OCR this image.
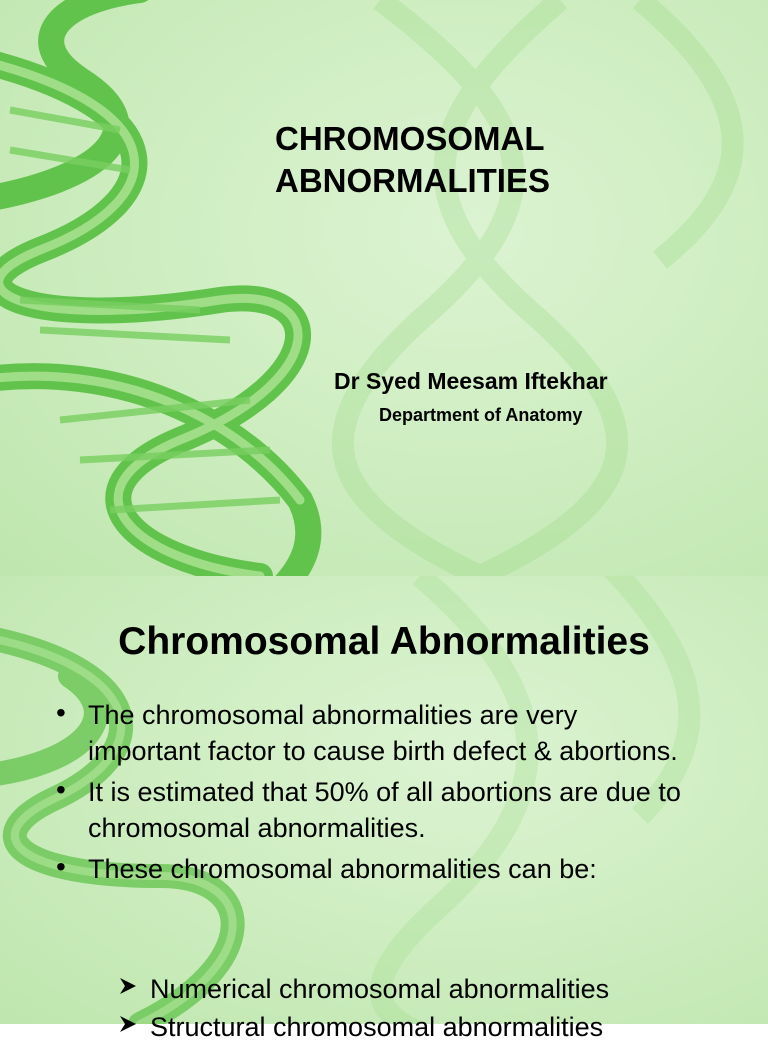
CHROMOSOMAL
ABNORMALITIES

Dr Syed Meesam Iftekhar

Department of Anatomy

Chromosomal Abnormalities
• The chromosomal abnormalities are very important factor to cause birth defect & abortions.
• It is estimated that 50% of all abortions are due to chromosomal abnormalities.
• These chromosomal abnormalities can be:
Numerical chromosomal abnormalities
Structural chromosomal abnormalities
